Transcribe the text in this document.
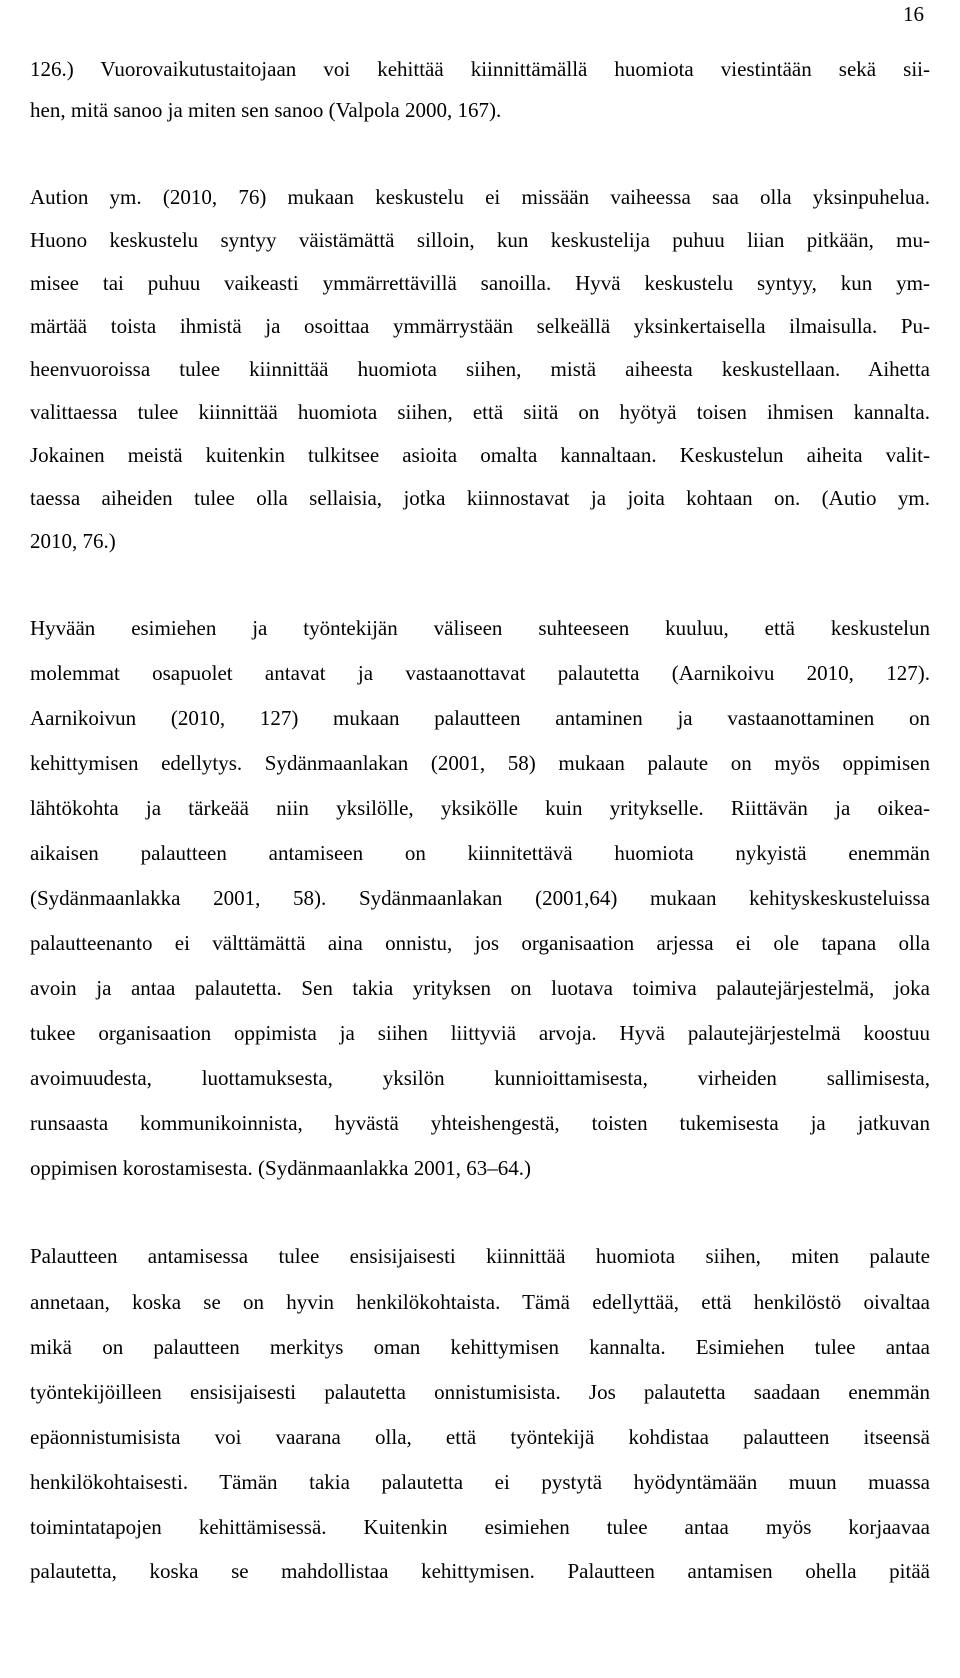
16
126.) Vuorovaikutustaitojaan voi kehittää kiinnittämällä huomiota viestintään sekä sii-
hen, mitä sanoo ja miten sen sanoo (Valpola 2000, 167).
Aution ym. (2010, 76) mukaan keskustelu ei missään vaiheessa saa olla yksinpuhelua.
Huono keskustelu syntyy väistämättä silloin, kun keskustelija puhuu liian pitkään, mu-
misee tai puhuu vaikeasti ymmärrettävillä sanoilla. Hyvä keskustelu syntyy, kun ym-
märtää toista ihmistä ja osoittaa ymmärrystään selkeällä yksinkertaisella ilmaisulla. Pu-
heenvuoroissa tulee kiinnittää huomiota siihen, mistä aiheesta keskustellaan. Aihetta
valittaessa tulee kiinnittää huomiota siihen, että siitä on hyötyä toisen ihmisen kannalta.
Jokainen meistä kuitenkin tulkitsee asioita omalta kannaltaan. Keskustelun aiheita valit-
taessa aiheiden tulee olla sellaisia, jotka kiinnostavat ja joita kohtaan on. (Autio ym.
2010, 76.)
Hyvään esimiehen ja työntekijän väliseen suhteeseen kuuluu, että keskustelun
molemmat osapuolet antavat ja vastaanottavat palautetta (Aarnikoivu 2010, 127).
Aarnikoivun (2010, 127) mukaan palautteen antaminen ja vastaanottaminen on
kehittymisen edellytys. Sydänmaanlakan (2001, 58) mukaan palaute on myös oppimisen
lähtökohta ja tärkeää niin yksilölle, yksikölle kuin yritykselle. Riittävän ja oikea-
aikaisen palautteen antamiseen on kiinnitettävä huomiota nykyistä enemmän
(Sydänmaanlakka 2001, 58). Sydänmaanlakan (2001,64) mukaan kehityskeskusteluissa
palautteenanto ei välttämättä aina onnistu, jos organisaation arjessa ei ole tapana olla
avoin ja antaa palautetta. Sen takia yrityksen on luotava toimiva palautejärjestelmä, joka
tukee organisaation oppimista ja siihen liittyviä arvoja. Hyvä palautejärjestelmä koostuu
avoimuudesta, luottamuksesta, yksilön kunnioittamisesta, virheiden sallimisesta,
runsaasta kommunikoinnista, hyvästä yhteishengestä, toisten tukemisesta ja jatkuvan
oppimisen korostamisesta. (Sydänmaanlakka 2001, 63–64.)
Palautteen antamisessa tulee ensisijaisesti kiinnittää huomiota siihen, miten palaute
annetaan, koska se on hyvin henkilökohtaista. Tämä edellyttää, että henkilöstö oivaltaa
mikä on palautteen merkitys oman kehittymisen kannalta. Esimiehen tulee antaa
työntekijöilleen ensisijaisesti palautetta onnistumisista. Jos palautetta saadaan enemmän
epäonnistumisista voi vaarana olla, että työntekijä kohdistaa palautteen itseensä
henkilökohtaisesti. Tämän takia palautetta ei pystytä hyödyntämään muun muassa
toimintatapojen kehittämisessä. Kuitenkin esimiehen tulee antaa myös korjaavaa
palautetta, koska se mahdollistaa kehittymisen. Palautteen antamisen ohella pitää
